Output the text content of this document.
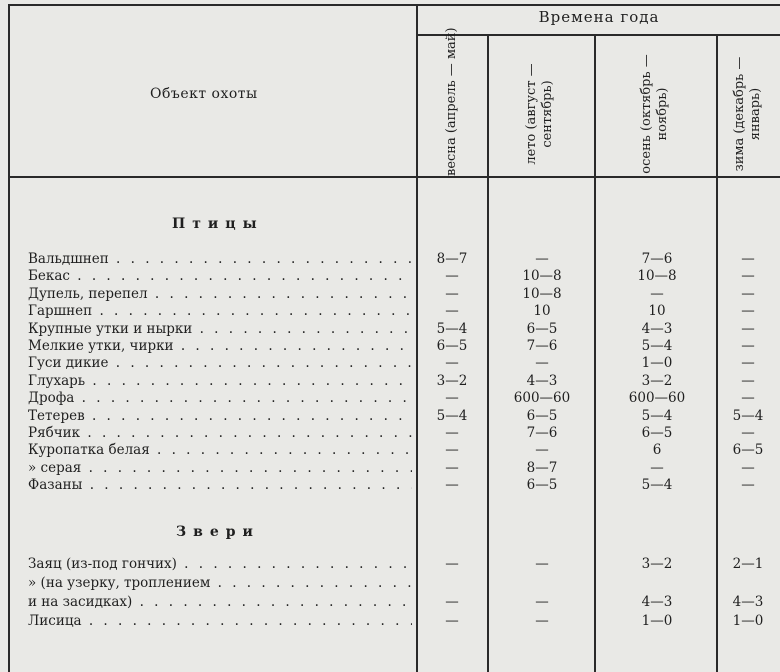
Времена года
Объект охоты	весна (апрель — май)	лето (август — сентябрь)	осень (октябрь — ноябрь)	зима (декабрь — январь)
Птицы
Звери
Вальдшнеп . . .	8—7	—	7—6	—
Бекас . . .	—	10—8	10—8	—
Дупель, перепел . . .	—	10—8	—	—
Гаршнеп . . .	—	10	10	—
Крупные утки и нырки . . .	5—4	6—5	4—3	—
Мелкие утки, чирки . . .	6—5	7—6	5—4	—
Гуси дикие . . .	—	—	1—0	—
Глухарь . . .	3—2	4—3	3—2	—
Дрофа . . .	—	600—60	600—60	—
Тетерев . . .	5—4	6—5	5—4	5—4
Рябчик . . .	—	7—6	6—5	—
Куропатка белая . . .	—	—	6	6—5
» серая . . .	—	8—7	—	—
Фазаны . . .	—	6—5	5—4	—
Заяц (из-под гончих) . . .	—	—	3—2	2—1
» (на узерку, троплением . . .
и на засидках) . . .	—	—	4—3	4—3
Лисица . . .	—	—	1—0	1—0
